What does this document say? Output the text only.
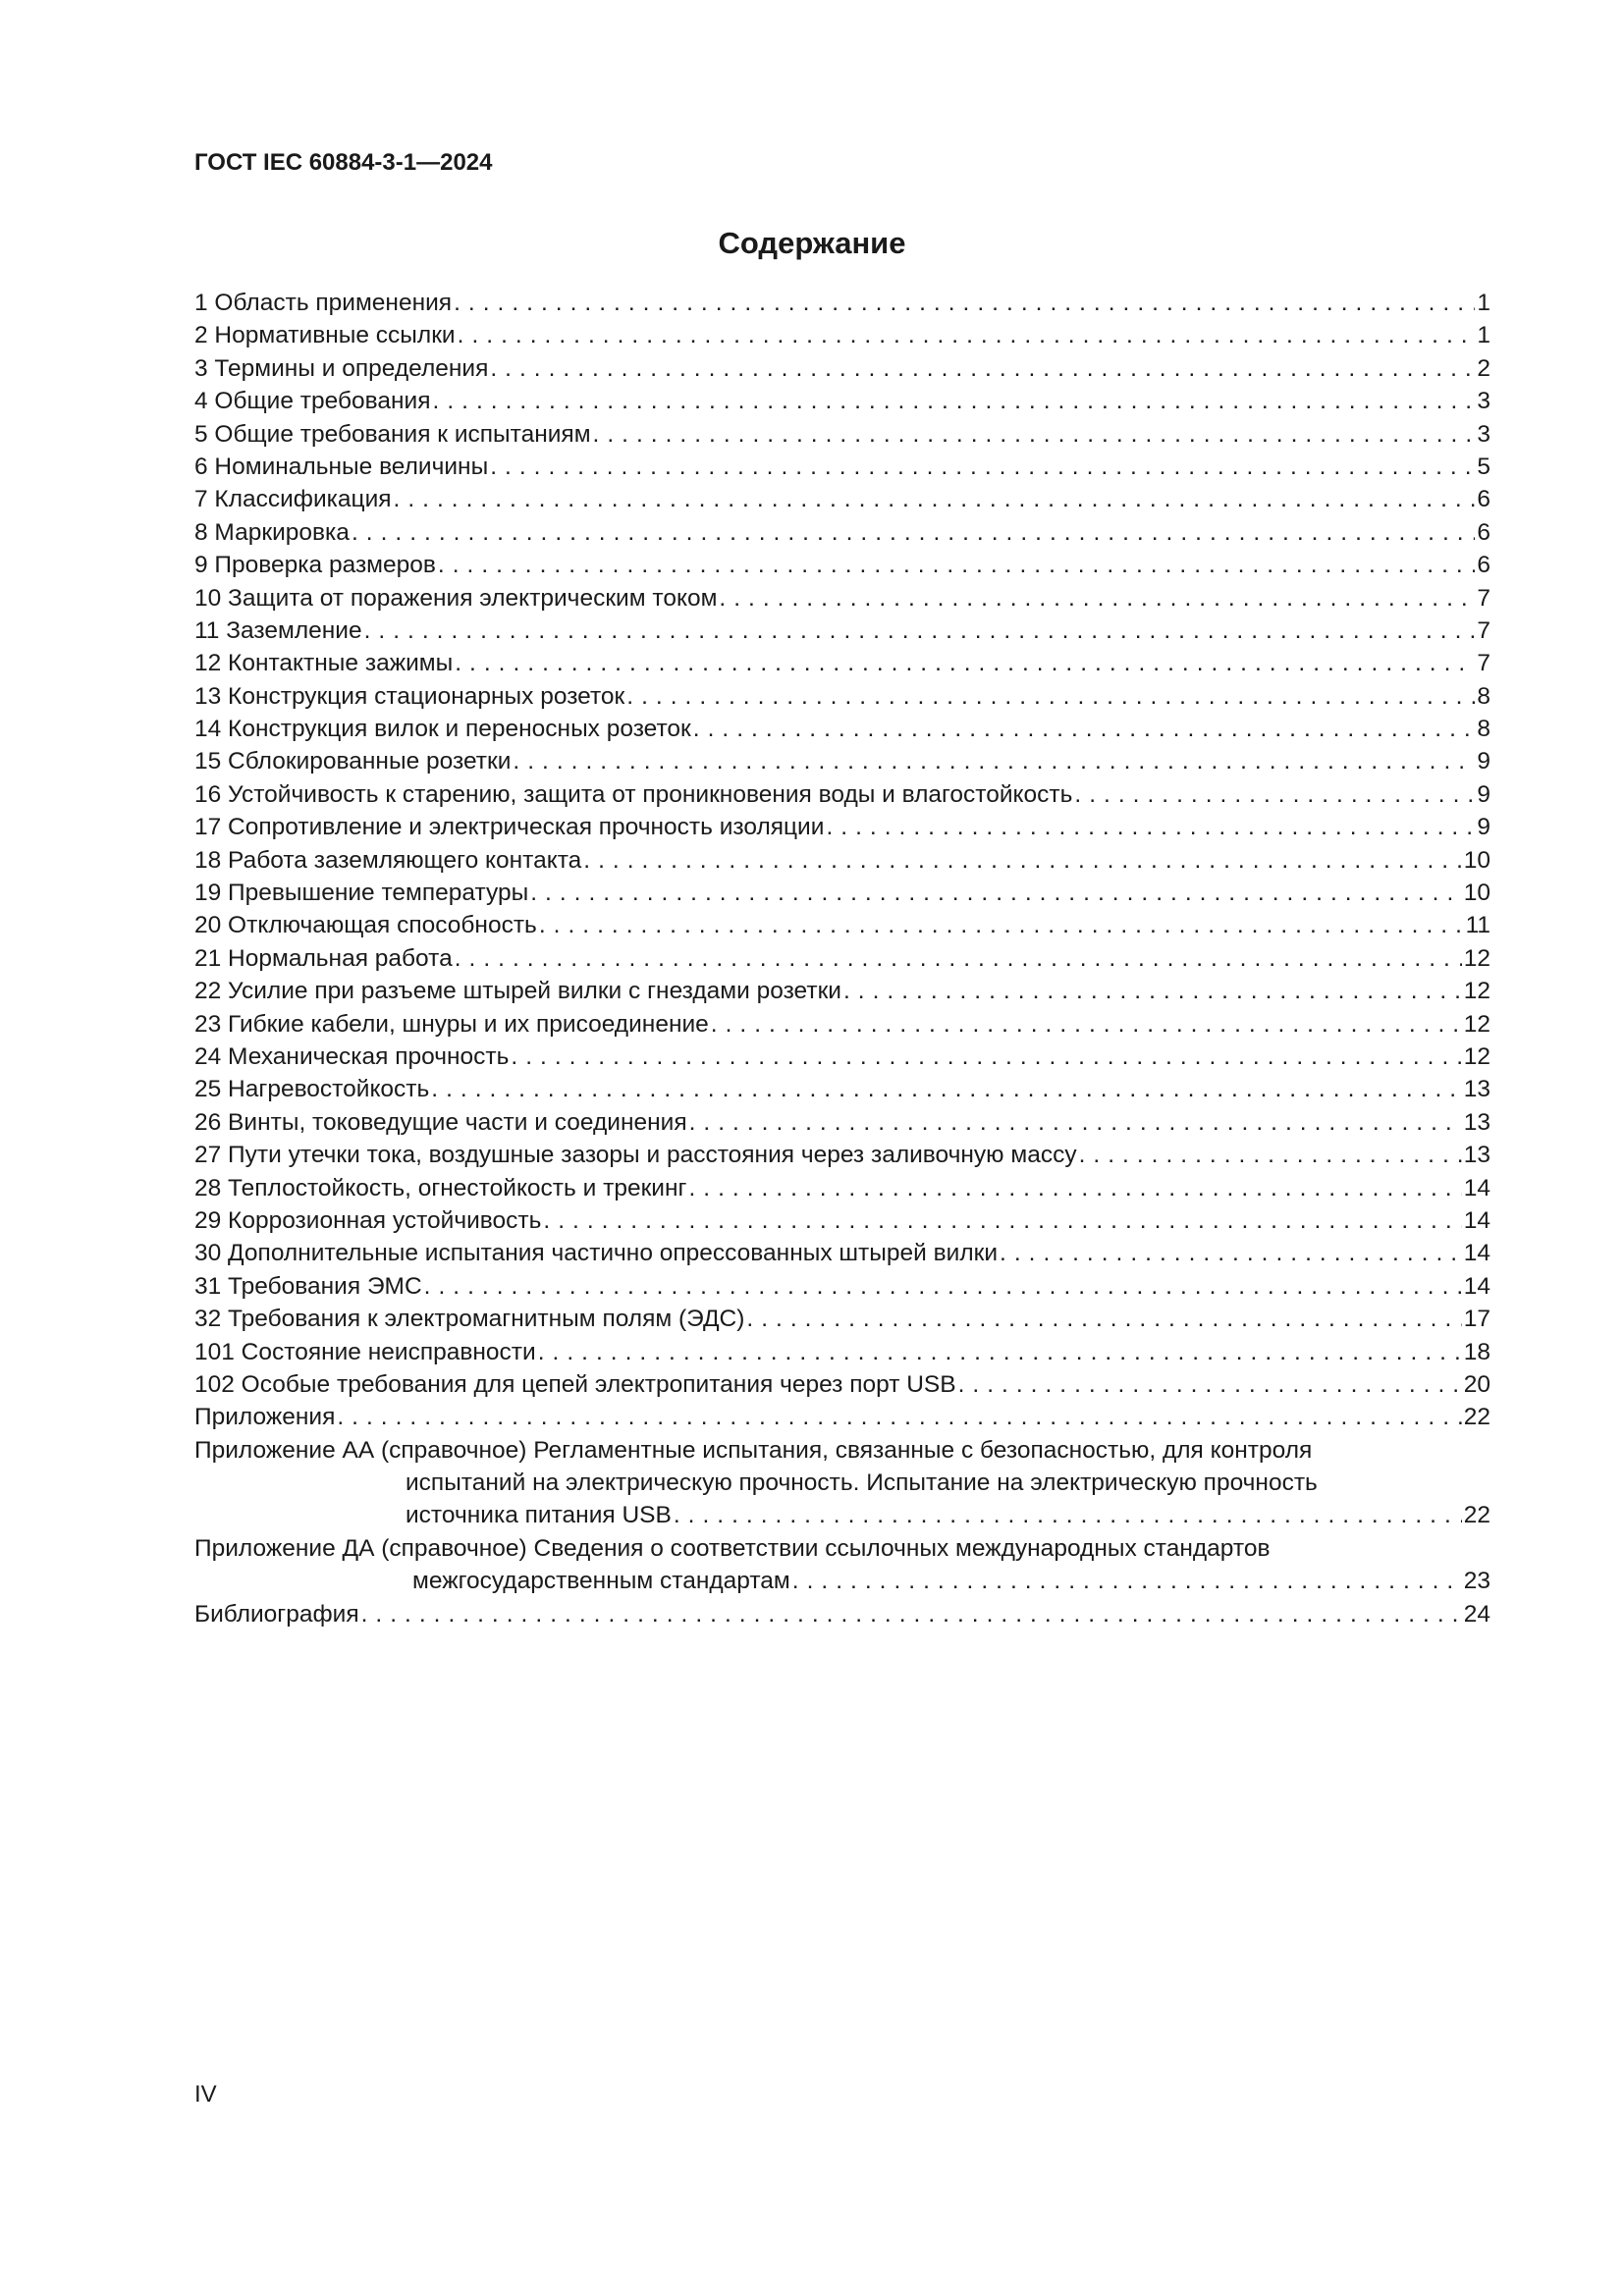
ГОСТ IEC 60884-3-1—2024
Содержание
1 Область применения . . .	1
2 Нормативные ссылки . . .	1
3 Термины и определения . . .	2
4 Общие требования . . .	3
5 Общие требования к испытаниям . . .	3
6 Номинальные величины . . .	5
7 Классификация . . .	6
8 Маркировка . . .	6
9 Проверка размеров . . .	6
10 Защита от поражения электрическим током . . .	7
11 Заземление . . .	7
12 Контактные зажимы . . .	7
13 Конструкция стационарных розеток . . .	8
14 Конструкция вилок и переносных розеток . . .	8
15 Сблокированные розетки . . .	9
16 Устойчивость к старению, защита от проникновения воды и влагостойкость . . .	9
17 Сопротивление и электрическая прочность изоляции . . .	9
18 Работа заземляющего контакта . . .	10
19 Превышение температуры . . .	10
20 Отключающая способность . . .	11
21 Нормальная работа . . .	12
22 Усилие при разъеме штырей вилки с гнездами розетки . . .	12
23 Гибкие кабели, шнуры и их присоединение . . .	12
24 Механическая прочность . . .	12
25 Нагревостойкость . . .	13
26 Винты, токоведущие части и соединения . . .	13
27 Пути утечки тока, воздушные зазоры и расстояния через заливочную массу . . .	13
28 Теплостойкость, огнестойкость и трекинг . . .	14
29 Коррозионная устойчивость . . .	14
30 Дополнительные испытания частично опрессованных штырей вилки . . .	14
31 Требования ЭМС . . .	14
32 Требования к электромагнитным полям (ЭДС) . . .	17
101 Состояние неисправности . . .	18
102 Особые требования для цепей электропитания через порт USB . . .	20
Приложения . . .	22
Приложение АА (справочное) Регламентные испытания, связанные с безопасностью, для контроля
испытаний на электрическую прочность. Испытание на электрическую прочность
источника питания USB . . .	22
Приложение ДА (справочное) Сведения о соответствии ссылочных международных стандартов
межгосударственным стандартам . . .	23
Библиография . . .	24
IV
